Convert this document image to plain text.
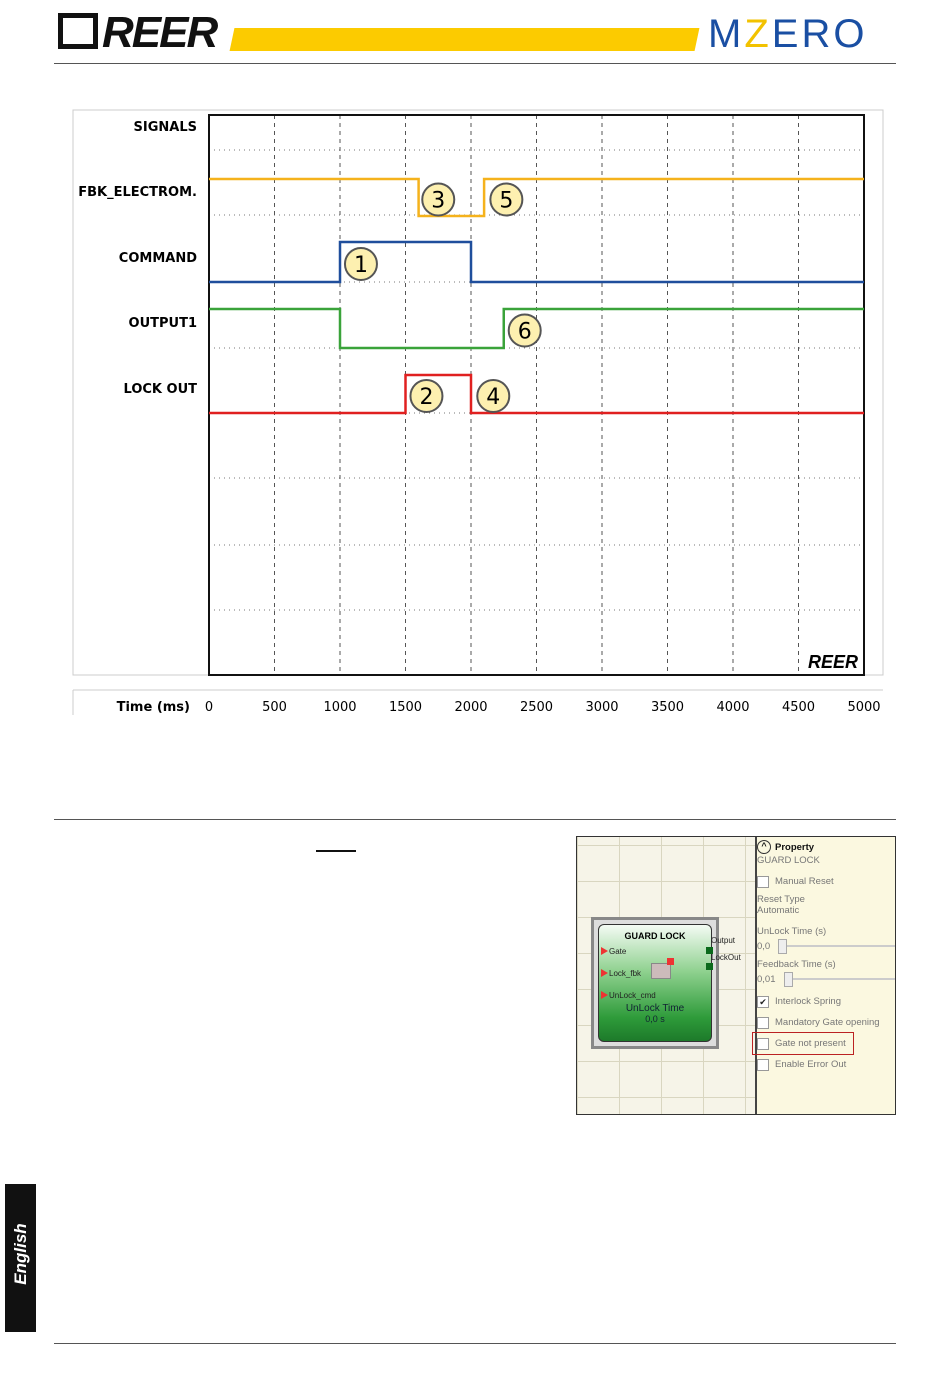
REER	MZERO
SIGNALS
FBK_ELECTROM.
COMMAND
OUTPUT1
LOCK OUT
1
2
3
4
5
6
Time (ms) 0	500	1000 1500 2000 2500 3000 3500 4000 4500 5000
REER
GUARD LOCK
Gate
Lock_fbk
UnLock_cmd
UnLock Time
0,0 s
Output
LockOut
^ Property
GUARD LOCK
Manual Reset
Reset Type
Automatic
UnLock Time (s)
0,0
Feedback Time (s)
0,01
✔ Interlock Spring
Mandatory Gate opening
Gate not present
Enable Error Out
English
